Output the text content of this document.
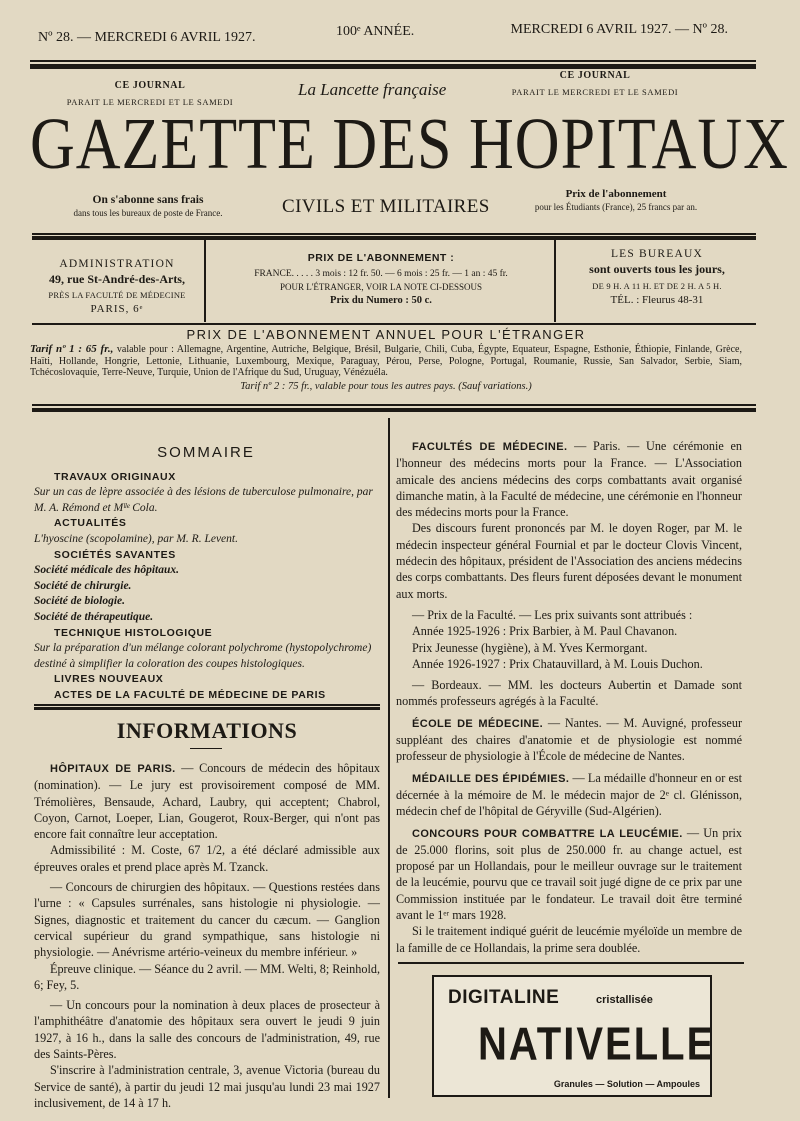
Nº 28. — MERCREDI 6 AVRIL 1927.	100ᵉ ANNÉE.	MERCREDI 6 AVRIL 1927. — Nº 28.
CE JOURNAL
PARAIT LE MERCREDI ET LE SAMEDI
La Lancette française
CE JOURNAL
PARAIT LE MERCREDI ET LE SAMEDI
GAZETTE DES HOPITAUX
On s'abonne sans frais
dans tous les bureaux de poste de France.	CIVILS ET MILITAIRES
Prix de l'abonnement
pour les Étudiants (France), 25 francs par an.
ADMINISTRATION
49, rue St-André-des-Arts,
PRÈS LA FACULTÉ DE MÉDECINE
PARIS, 6ᵉ
PRIX DE L'ABONNEMENT :
FRANCE. . . . . 3 mois : 12 fr. 50. — 6 mois : 25 fr. — 1 an : 45 fr.
POUR L'ÉTRANGER, VOIR LA NOTE CI-DESSOUS
Prix du Numero : 50 c.
LES BUREAUX
sont ouverts tous les jours,
DE 9 H. A 11 H. ET DE 2 H. A 5 H.
TÉL. : Fleurus 48-31
PRIX DE L'ABONNEMENT ANNUEL POUR L'ÉTRANGER
Tarif nº 1 : 65 fr., valable pour : Allemagne, Argentine, Autriche, Belgique, Brésil, Bulgarie, Chili, Cuba, Égypte, Equateur, Espagne, Esthonie, Éthiopie, Finlande, Grèce, Haïti, Hollande, Hongrie, Lettonie, Lithuanie, Luxembourg, Mexique, Paraguay, Pérou, Perse, Pologne, Portugal, Roumanie, Russie, San Salvador, Serbie, Siam, Tchécoslovaquie, Terre-Neuve, Turquie, Union de l'Afrique du Sud, Uruguay, Vénézuéla.
Tarif nº 2 : 75 fr., valable pour tous les autres pays. (Sauf variations.)
SOMMAIRE
TRAVAUX ORIGINAUX
Sur un cas de lèpre associée à des lésions de tuberculose pulmonaire, par M. A. Rémond et Mˡˡᵉ Cola.
ACTUALITÉS
L'hyoscine (scopolamine), par M. R. Levent.
SOCIÉTÉS SAVANTES
Société médicale des hôpitaux.
Société de chirurgie.
Société de biologie.
Société de thérapeutique.
TECHNIQUE HISTOLOGIQUE
Sur la préparation d'un mélange colorant polychrome (hystopolychrome) destiné à simplifier la coloration des coupes histologiques.
LIVRES NOUVEAUX
ACTES DE LA FACULTÉ DE MÉDECINE DE PARIS
INFORMATIONS

HÔPITAUX DE PARIS. — Concours de médecin des hôpitaux (nomination). — Le jury est provisoirement composé de MM. Trémolières, Bensaude, Achard, Laubry, qui acceptent; Chabrol, Coyon, Carnot, Loeper, Lian, Gougerot, Roux-Berger, qui n'ont pas encore fait connaître leur acceptation.

Admissibilité : M. Coste, 67 1/2, a été déclaré admissible aux épreuves orales et prend place après M. Tzanck.

— Concours de chirurgien des hôpitaux. — Questions restées dans l'urne : « Capsules surrénales, sans histologie ni physiologie. — Signes, diagnostic et traitement du cancer du cæcum. — Ganglion cervical supérieur du grand sympathique, sans histologie ni physiologie. — Anévrisme artério-veineux du membre inférieur. »

Épreuve clinique. — Séance du 2 avril. — MM. Welti, 8; Reinhold, 6; Fey, 5.

— Un concours pour la nomination à deux places de prosecteur à l'amphithéâtre d'anatomie des hôpitaux sera ouvert le jeudi 9 juin 1927, à 16 h., dans la salle des concours de l'administration, 49, rue des Saints-Pères.

S'inscrire à l'administration centrale, 3, avenue Victoria (bureau du Service de santé), à partir du jeudi 12 mai jusqu'au lundi 23 mai 1927 inclusivement, de 14 à 17 h.

FACULTÉS DE MÉDECINE. — Paris. — Une cérémonie en l'honneur des médecins morts pour la France. — L'Association amicale des anciens médecins des corps combattants avait organisé dimanche matin, à la Faculté de médecine, une cérémonie en l'honneur des médecins morts pour la France.

Des discours furent prononcés par M. le doyen Roger, par M. le médecin inspecteur général Fournial et par le docteur Clovis Vincent, médecin des hôpitaux, président de l'Association des anciens médecins des corps combattants. Des fleurs furent déposées devant le monument aux morts.

— Prix de la Faculté. — Les prix suivants sont attribués :

Année 1925-1926 : Prix Barbier, à M. Paul Chavanon.

Prix Jeunesse (hygiène), à M. Yves Kermorgant.

Année 1926-1927 : Prix Chatauvillard, à M. Louis Duchon.

— Bordeaux. — MM. les docteurs Aubertin et Damade sont nommés professeurs agrégés à la Faculté.

ÉCOLE DE MÉDECINE. — Nantes. — M. Auvigné, professeur suppléant des chaires d'anatomie et de physiologie est nommé professeur de physiologie à l'École de médecine de Nantes.

MÉDAILLE DES ÉPIDÉMIES. — La médaille d'honneur en or est décernée à la mémoire de M. le médecin major de 2ᵉ cl. Glénisson, médecin chef de l'hôpital de Géryville (Sud-Algérien).

CONCOURS POUR COMBATTRE LA LEUCÉMIE. — Un prix de 25.000 florins, soit plus de 250.000 fr. au change actuel, est proposé par un Hollandais, pour le meilleur ouvrage sur le traitement de la leucémie, pourvu que ce travail soit jugé digne de ce prix par une Commission instituée par le fondateur. Le travail doit être terminé avant le 1ᵉʳ mars 1928.

Si le traitement indiqué guérit de leucémie myéloïde un membre de la famille de ce Hollandais, la prime sera doublée.

DIGITALINE	cristallisée
NATIVELLE
Granules — Solution — Ampoules
